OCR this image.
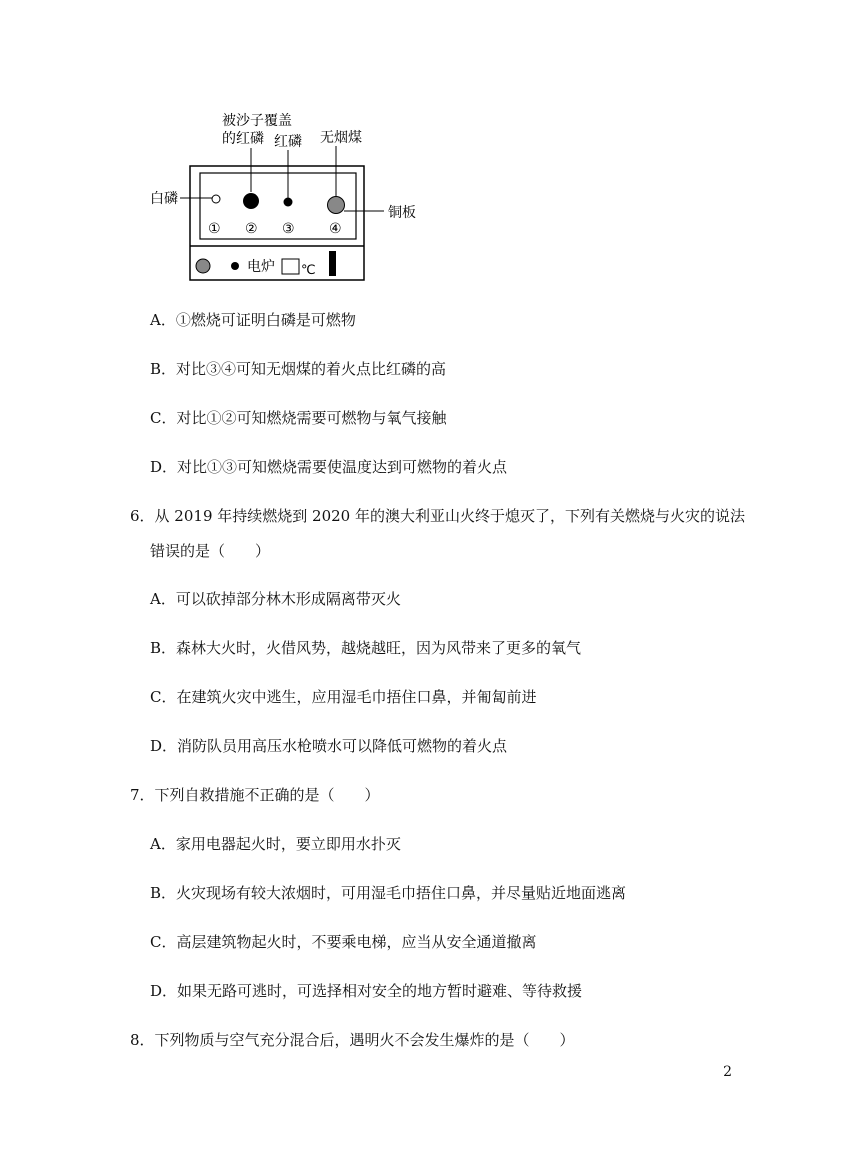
被沙子覆盖
的红磷 红磷 无烟煤
白磷
铜板
① ② ③ ④
电炉 ℃
A．①燃烧可证明白磷是可燃物
B．对比③④可知无烟煤的着火点比红磷的高
C．对比①②可知燃烧需要可燃物与氧气接触
D．对比①③可知燃烧需要使温度达到可燃物的着火点
6．从 2019 年持续燃烧到 2020 年的澳大利亚山火终于熄灭了，下列有关燃烧与火灾的说法
错误的是（　　）
A．可以砍掉部分林木形成隔离带灭火
B．森林大火时，火借风势，越烧越旺，因为风带来了更多的氧气
C．在建筑火灾中逃生，应用湿毛巾捂住口鼻，并匍匐前进
D．消防队员用高压水枪喷水可以降低可燃物的着火点
7．下列自救措施不正确的是（　　）
A．家用电器起火时，要立即用水扑灭
B．火灾现场有较大浓烟时，可用湿毛巾捂住口鼻，并尽量贴近地面逃离
C．高层建筑物起火时，不要乘电梯，应当从安全通道撤离
D．如果无路可逃时，可选择相对安全的地方暂时避难、等待救援
8．下列物质与空气充分混合后，遇明火不会发生爆炸的是（　　）
2
